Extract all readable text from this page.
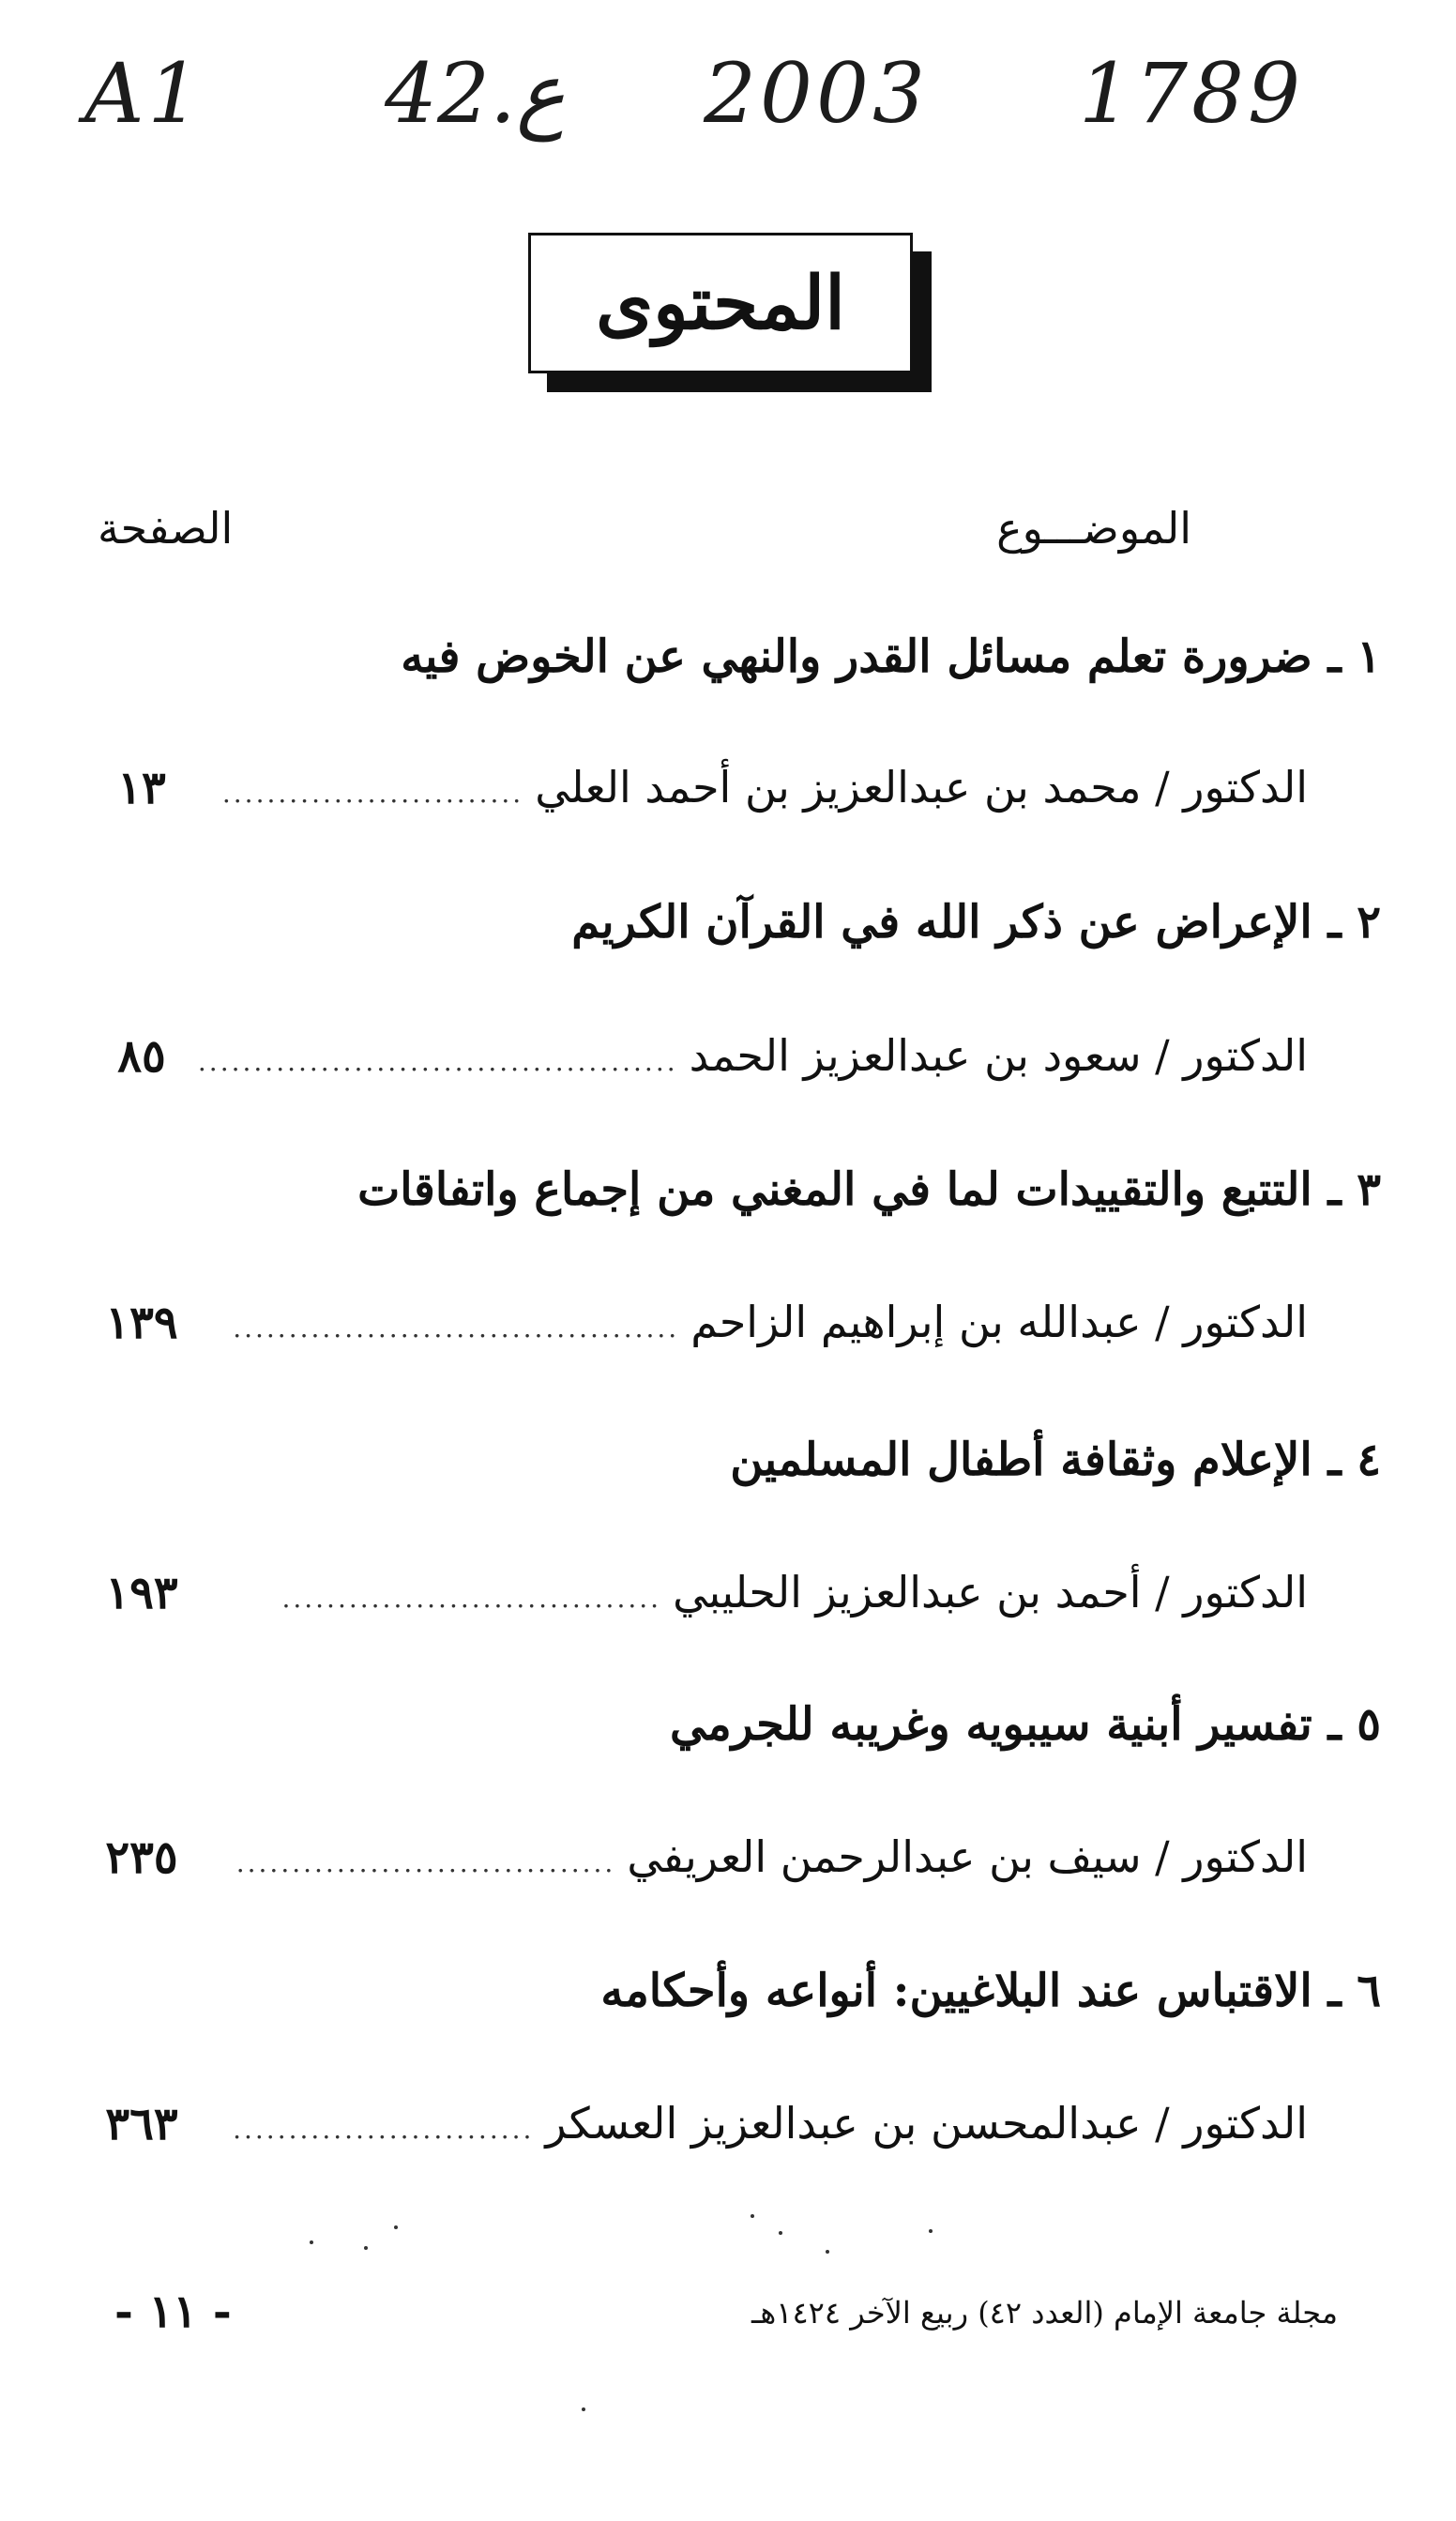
A1 42.ع 2003 1789
المحتوى
الموضـــوع
الصفحة
١ ـ ضرورة تعلم مسائل القدر والنهي عن الخوض فيه
الدكتور / محمد بن عبدالعزيز بن أحمد العلي
...........................
١٣
٢ ـ الإعراض عن ذكر الله في القرآن الكريم
الدكتور / سعود بن عبدالعزيز الحمد
...........................................
٨٥
٣ ـ التتبع والتقييدات لما في المغني من إجماع واتفاقات
الدكتور / عبدالله بن إبراهيم الزاحم
........................................
١٣٩
٤ ـ الإعلام وثقافة أطفال المسلمين
الدكتور / أحمد بن عبدالعزيز الحليبي
..................................
١٩٣
٥ ـ تفسير أبنية سيبويه وغريبه للجرمي
الدكتور / سيف بن عبدالرحمن العريفي
..................................
٢٣٥
٦ ـ الاقتباس عند البلاغيين: أنواعه وأحكامه
الدكتور / عبدالمحسن بن عبدالعزيز العسكر
...........................
٣٦٣
مجلة جامعة الإمام (العدد ٤٢) ربيع الآخر ١٤٢٤هـ
- ١١ -
